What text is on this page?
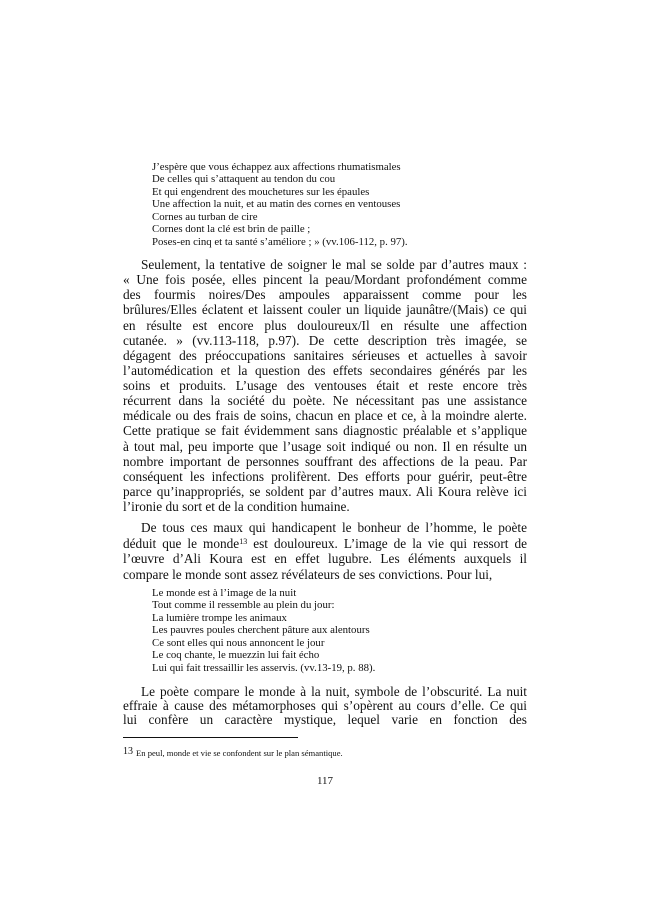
J’espère que vous échappez aux affections rhumatismales
De celles qui s’attaquent au tendon du cou
Et qui engendrent des mouchetures sur les épaules
Une affection la nuit, et au matin des cornes en ventouses
Cornes au turban de cire
Cornes dont la clé est brin de paille ;
Poses-en cinq et ta santé s’améliore ; » (vv.106-112, p. 97).
Seulement, la tentative de soigner le mal se solde par d’autres maux :
« Une fois posée, elles pincent la peau/Mordant profondément comme
des fourmis noires/Des ampoules apparaissent comme pour les
brûlures/Elles éclatent et laissent couler un liquide jaunâtre/(Mais) ce qui
en résulte est encore plus douloureux/Il en résulte une affection
cutanée. » (vv.113-118, p.97). De cette description très imagée, se
dégagent des préoccupations sanitaires sérieuses et actuelles à savoir
l’automédication et la question des effets secondaires générés par les
soins et produits. L’usage des ventouses était et reste encore très
récurrent dans la société du poète. Ne nécessitant pas une assistance
médicale ou des frais de soins, chacun en place et ce, à la moindre alerte.
Cette pratique se fait évidemment sans diagnostic préalable et s’applique
à tout mal, peu importe que l’usage soit indiqué ou non. Il en résulte un
nombre important de personnes souffrant des affections de la peau. Par
conséquent les infections prolifèrent. Des efforts pour guérir, peut-être
parce qu’inappropriés, se soldent par d’autres maux. Ali Koura relève ici
l’ironie du sort et de la condition humaine.
De tous ces maux qui handicapent le bonheur de l’homme, le poète
déduit que le monde$^{13}$ est douloureux. L’image de la vie qui ressort de
l’œuvre d’Ali Koura est en effet lugubre. Les éléments auxquels il
compare le monde sont assez révélateurs de ses convictions. Pour lui,
Le monde est à l’image de la nuit
Tout comme il ressemble au plein du jour:
La lumière trompe les animaux
Les pauvres poules cherchent pâture aux alentours
Ce sont elles qui nous annoncent le jour
Le coq chante, le muezzin lui fait écho
Lui qui fait tressaillir les asservis. (vv.13-19, p. 88).
Le poète compare le monde à la nuit, symbole de l’obscurité. La nuit
effraie à cause des métamorphoses qui s’opèrent au cours d’elle. Ce qui
lui confère un caractère mystique, lequel varie en fonction des
13 En peul, monde et vie se confondent sur le plan sémantique.
117
